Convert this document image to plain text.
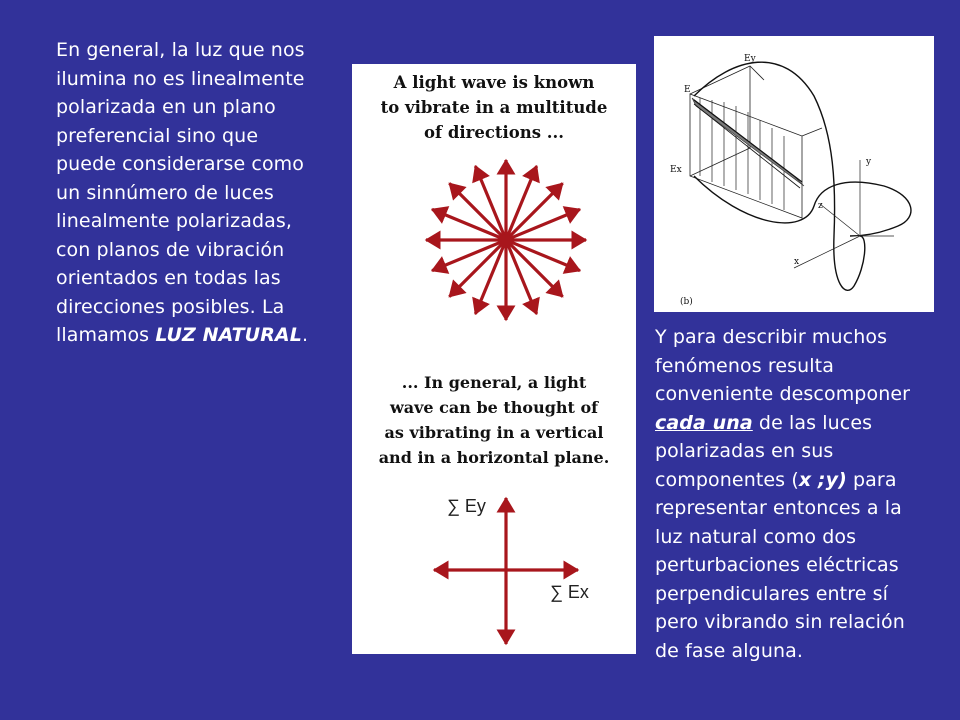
En general, la luz que nos
ilumina no es linealmente
polarizada en un plano
preferencial sino que
puede considerarse como
un sinnúmero de luces
linealmente polarizadas,
con planos de vibración
orientados en todas las
direcciones posibles. La
llamamos LUZ NATURAL.
A light wave is known
to vibrate in a multitude
of directions ...
... In general, a light
wave can be thought of
as vibrating in a vertical
and in a horizontal plane.
∑ Ey
∑ Ex
E
Ey
Ex
y
z
x
(b)
Y para describir muchos
fenómenos resulta
conveniente descomponer
cada una de las luces
polarizadas en sus
componentes (x ;y) para
representar entonces a la
luz natural como dos
perturbaciones eléctricas
perpendiculares entre sí
pero vibrando sin relación
de fase alguna.
